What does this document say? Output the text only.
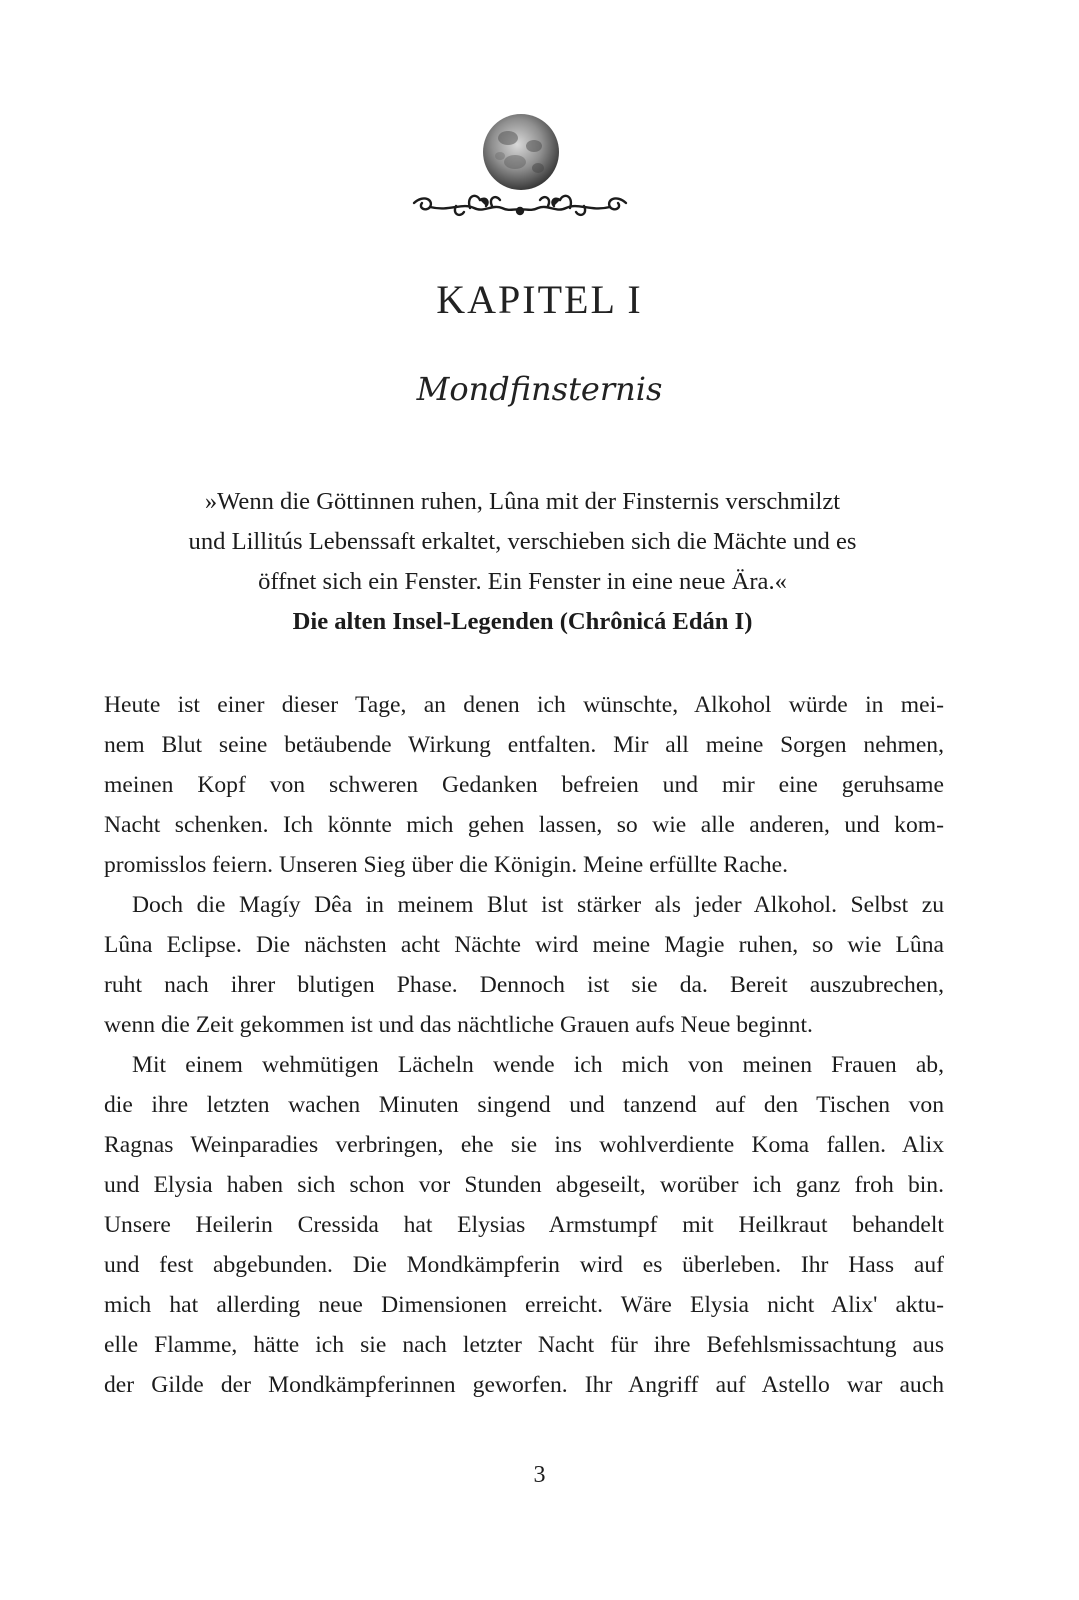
KAPITEL I
Mondfinsternis
»Wenn die Göttinnen ruhen, Lûna mit der Finsternis verschmilzt
und Lillitús Lebenssaft erkaltet, verschieben sich die Mächte und es
öffnet sich ein Fenster. Ein Fenster in eine neue Ära.«
Die alten Insel-Legenden (Chrônicá Edán I)
Heute ist einer dieser Tage, an denen ich wünschte, Alkohol würde in mei-
nem Blut seine betäubende Wirkung entfalten. Mir all meine Sorgen nehmen,
meinen Kopf von schweren Gedanken befreien und mir eine geruhsame
Nacht schenken. Ich könnte mich gehen lassen, so wie alle anderen, und kom-
promisslos feiern. Unseren Sieg über die Königin. Meine erfüllte Rache.
Doch die Magíy Dêa in meinem Blut ist stärker als jeder Alkohol. Selbst zu
Lûna Eclipse. Die nächsten acht Nächte wird meine Magie ruhen, so wie Lûna
ruht nach ihrer blutigen Phase. Dennoch ist sie da. Bereit auszubrechen,
wenn die Zeit gekommen ist und das nächtliche Grauen aufs Neue beginnt.
Mit einem wehmütigen Lächeln wende ich mich von meinen Frauen ab,
die ihre letzten wachen Minuten singend und tanzend auf den Tischen von
Ragnas Weinparadies verbringen, ehe sie ins wohlverdiente Koma fallen. Alix
und Elysia haben sich schon vor Stunden abgeseilt, worüber ich ganz froh bin.
Unsere Heilerin Cressida hat Elysias Armstumpf mit Heilkraut behandelt
und fest abgebunden. Die Mondkämpferin wird es überleben. Ihr Hass auf
mich hat allerding neue Dimensionen erreicht. Wäre Elysia nicht Alix' aktu-
elle Flamme, hätte ich sie nach letzter Nacht für ihre Befehlsmissachtung aus
der Gilde der Mondkämpferinnen geworfen. Ihr Angriff auf Astello war auch
3
